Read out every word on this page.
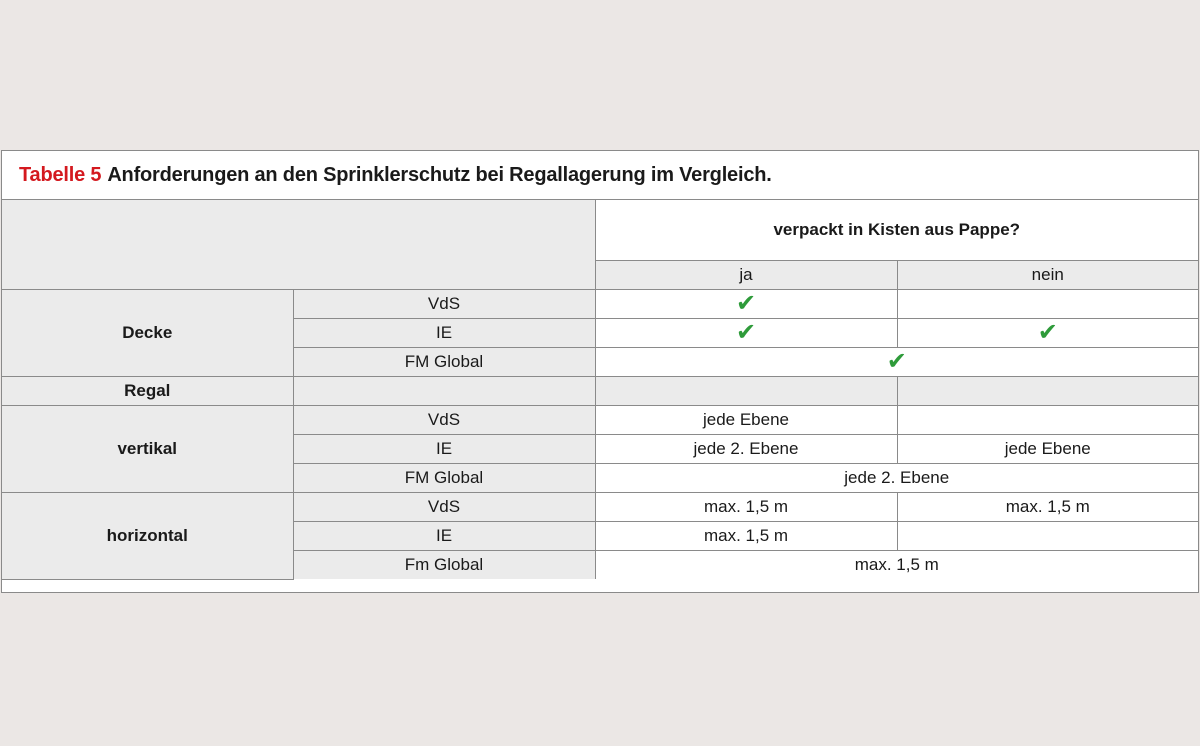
Tabelle 5 Anforderungen an den Sprinklerschutz bei Regallagerung im Vergleich.
		verpackt in Kisten aus Pappe?	
		ja	nein
Decke	VdS	✔	
	IE	✔	✔
	FM Global	✔	
Regal			
vertikal	VdS	jede Ebene	
	IE	jede 2. Ebene	jede Ebene
	FM Global	jede 2. Ebene	
horizontal	VdS	max. 1,5 m	max. 1,5 m
	IE	max. 1,5 m	
	Fm Global	max. 1,5 m	
